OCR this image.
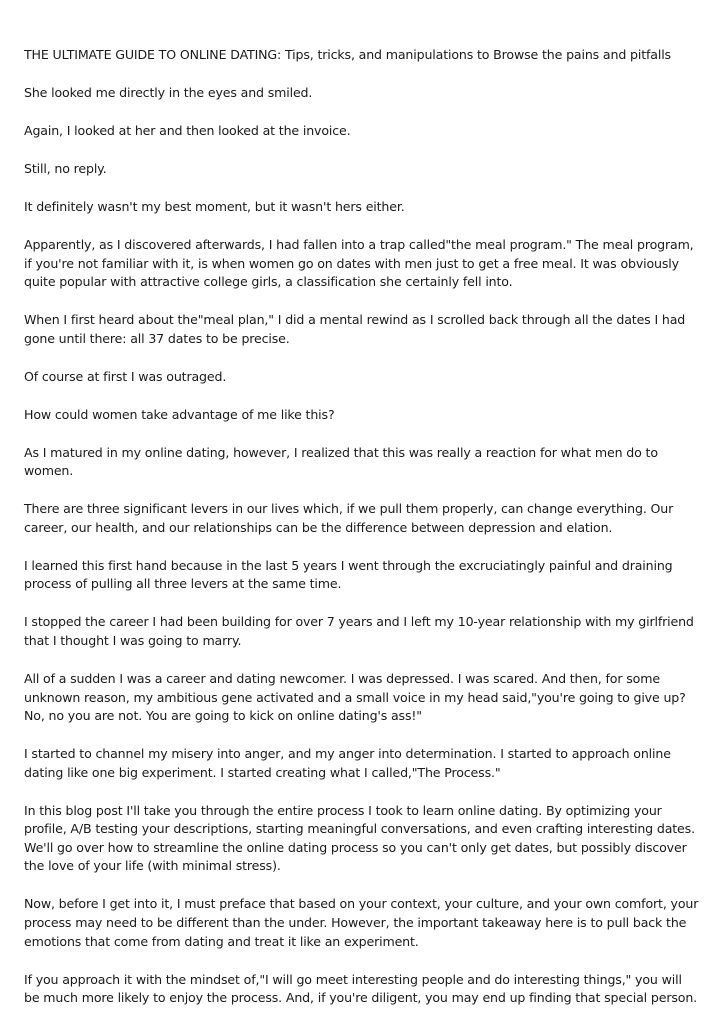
THE ULTIMATE GUIDE TO ONLINE DATING: Tips, tricks, and manipulations to Browse the pains and pitfalls

She looked me directly in the eyes and smiled.

Again, I looked at her and then looked at the invoice.

Still, no reply.

It definitely wasn't my best moment, but it wasn't hers either.

Apparently, as I discovered afterwards, I had fallen into a trap called"the meal program." The meal program, if you're not familiar with it, is when women go on dates with men just to get a free meal. It was obviously quite popular with attractive college girls, a classification she certainly fell into.

When I first heard about the"meal plan," I did a mental rewind as I scrolled back through all the dates I had gone until there: all 37 dates to be precise.

Of course at first I was outraged.

How could women take advantage of me like this?

As I matured in my online dating, however, I realized that this was really a reaction for what men do to women.

There are three significant levers in our lives which, if we pull them properly, can change everything. Our career, our health, and our relationships can be the difference between depression and elation.

I learned this first hand because in the last 5 years I went through the excruciatingly painful and draining process of pulling all three levers at the same time.

I stopped the career I had been building for over 7 years and I left my 10-year relationship with my girlfriend that I thought I was going to marry.

All of a sudden I was a career and dating newcomer. I was depressed. I was scared. And then, for some unknown reason, my ambitious gene activated and a small voice in my head said,"you're going to give up? No, no you are not. You are going to kick on online dating's ass!"

I started to channel my misery into anger, and my anger into determination. I started to approach online dating like one big experiment. I started creating what I called,"The Process."

In this blog post I'll take you through the entire process I took to learn online dating. By optimizing your profile, A/B testing your descriptions, starting meaningful conversations, and even crafting interesting dates. We'll go over how to streamline the online dating process so you can't only get dates, but possibly discover the love of your life (with minimal stress).

Now, before I get into it, I must preface that based on your context, your culture, and your own comfort, your process may need to be different than the under. However, the important takeaway here is to pull back the emotions that come from dating and treat it like an experiment.

If you approach it with the mindset of,"I will go meet interesting people and do interesting things," you will be much more likely to enjoy the process. And, if you're diligent, you may end up finding that special person.
